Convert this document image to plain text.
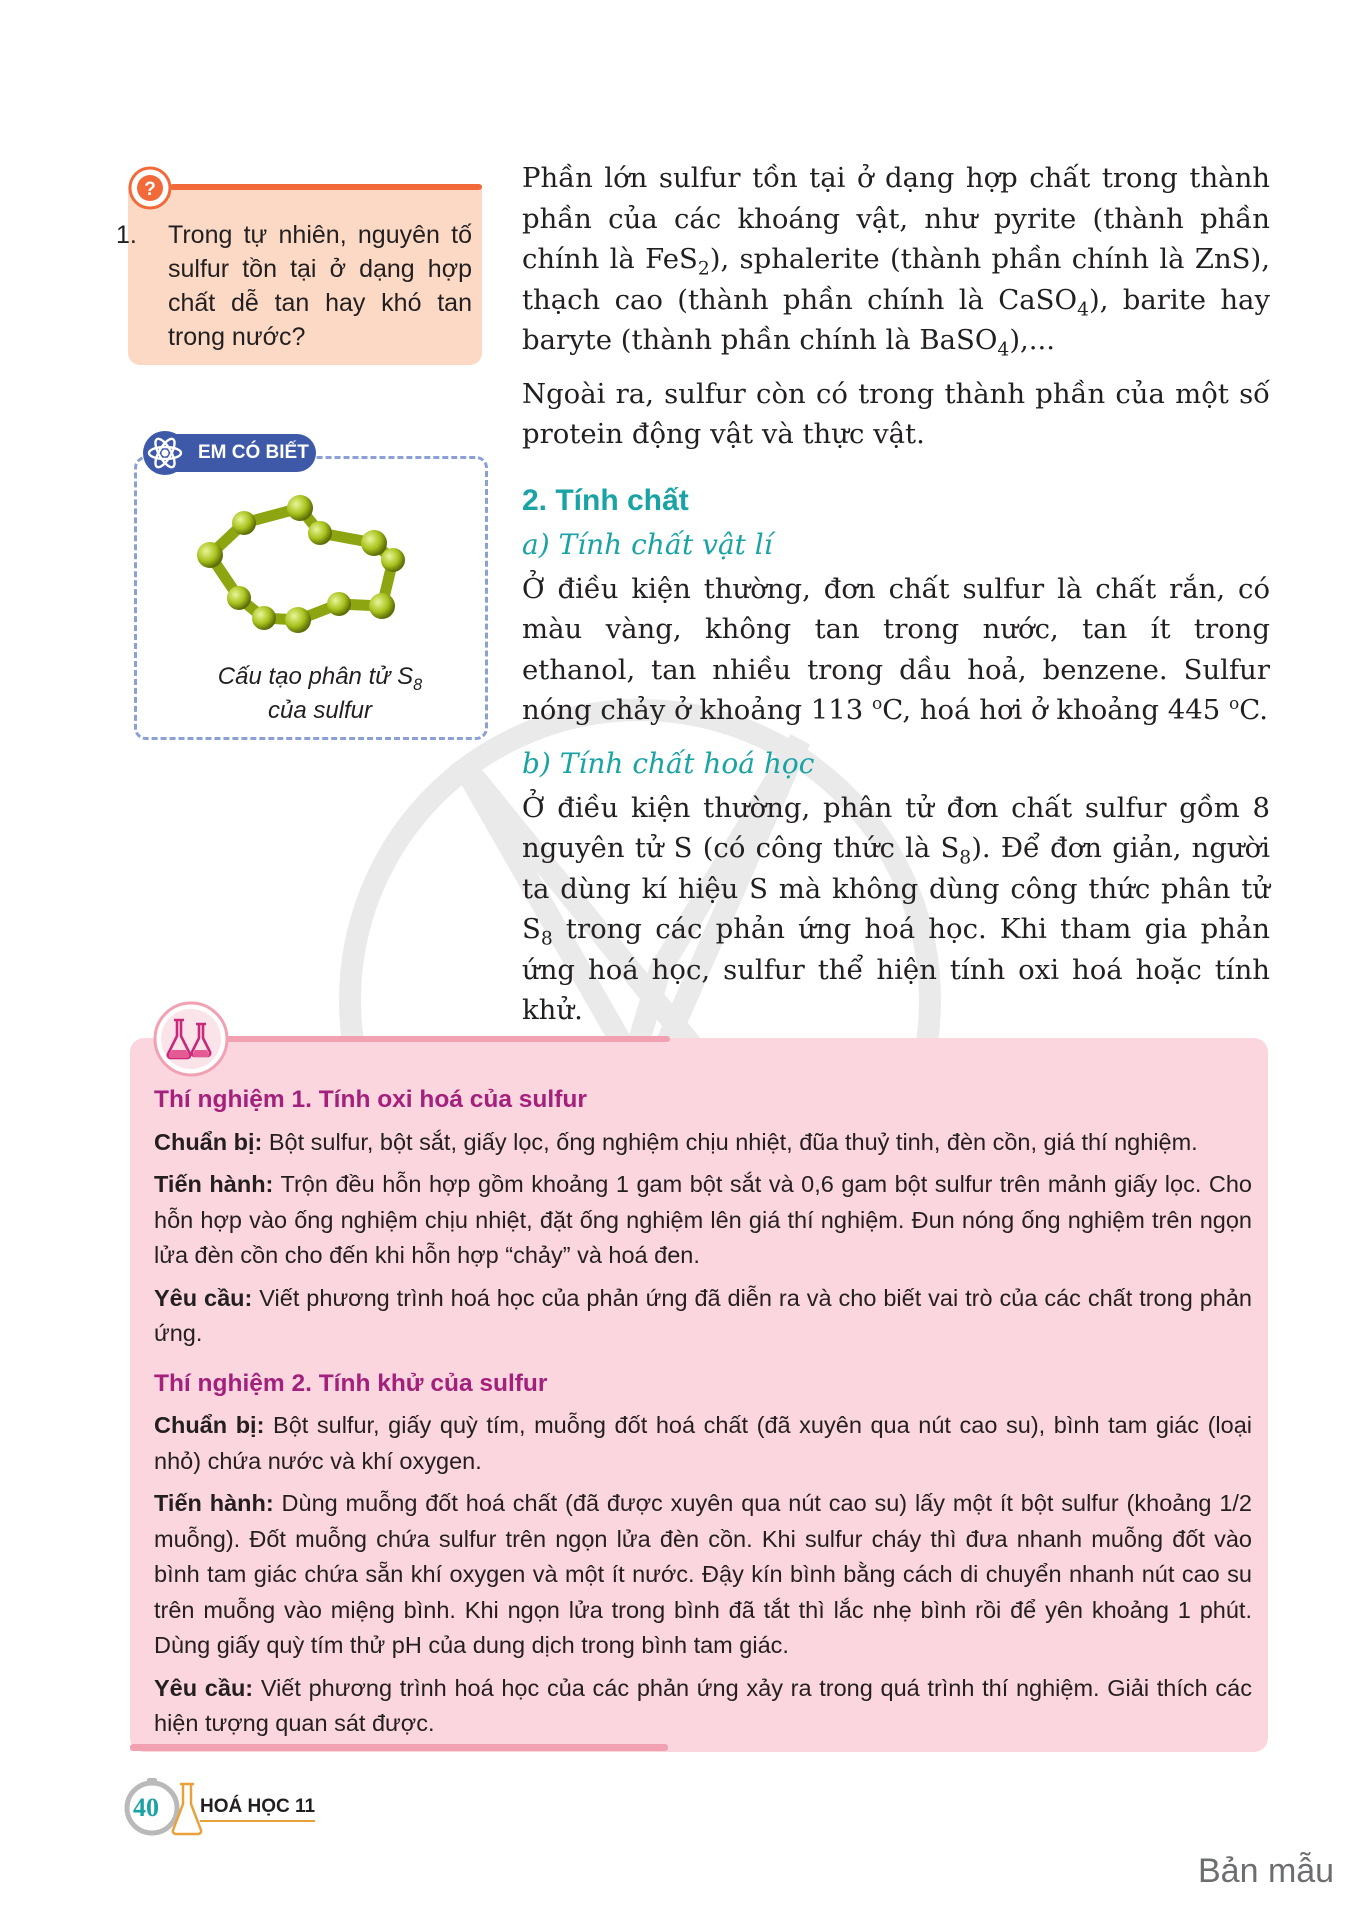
?
1. Trong tự nhiên, nguyên tố sulfur tồn tại ở dạng hợp chất dễ tan hay khó tan trong nước?
EM CÓ BIẾT
Cấu tạo phân tử $S_8$
của sulfur

Phần lớn sulfur tồn tại ở dạng hợp chất trong thành phần của các khoáng vật, như pyrite (thành phần chính là FeS$_2$), sphalerite (thành phần chính là ZnS), thạch cao (thành phần chính là CaSO$_4$), barite hay baryte (thành phần chính là BaSO$_4$),...

Ngoài ra, sulfur còn có trong thành phần của một số protein động vật và thực vật.

2. Tính chất
a) Tính chất vật lí

Ở điều kiện thường, đơn chất sulfur là chất rắn, có màu vàng, không tan trong nước, tan ít trong ethanol, tan nhiều trong dầu hoả, benzene. Sulfur nóng chảy ở khoảng 113 $^o$C, hoá hơi ở khoảng 445 $^o$C.

b) Tính chất hoá học

Ở điều kiện thường, phân tử đơn chất sulfur gồm 8 nguyên tử S (có công thức là $S_8$). Để đơn giản, người ta dùng kí hiệu S mà không dùng công thức phân tử $S_8$ trong các phản ứng hoá học. Khi tham gia phản ứng hoá học, sulfur thể hiện tính oxi hoá hoặc tính khử.

Thí nghiệm 1. Tính oxi hoá của sulfur

Chuẩn bị: Bột sulfur, bột sắt, giấy lọc, ống nghiệm chịu nhiệt, đũa thuỷ tinh, đèn cồn, giá thí nghiệm.

Tiến hành: Trộn đều hỗn hợp gồm khoảng 1 gam bột sắt và 0,6 gam bột sulfur trên mảnh giấy lọc. Cho hỗn hợp vào ống nghiệm chịu nhiệt, đặt ống nghiệm lên giá thí nghiệm. Đun nóng ống nghiệm trên ngọn lửa đèn cồn cho đến khi hỗn hợp “chảy” và hoá đen.

Yêu cầu: Viết phương trình hoá học của phản ứng đã diễn ra và cho biết vai trò của các chất trong phản ứng.

Thí nghiệm 2. Tính khử của sulfur

Chuẩn bị: Bột sulfur, giấy quỳ tím, muỗng đốt hoá chất (đã xuyên qua nút cao su), bình tam giác (loại nhỏ) chứa nước và khí oxygen.

Tiến hành: Dùng muỗng đốt hoá chất (đã được xuyên qua nút cao su) lấy một ít bột sulfur (khoảng 1/2 muỗng). Đốt muỗng chứa sulfur trên ngọn lửa đèn cồn. Khi sulfur cháy thì đưa nhanh muỗng đốt vào bình tam giác chứa sẵn khí oxygen và một ít nước. Đậy kín bình bằng cách di chuyển nhanh nút cao su trên muỗng vào miệng bình. Khi ngọn lửa trong bình đã tắt thì lắc nhẹ bình rồi để yên khoảng 1 phút. Dùng giấy quỳ tím thử pH của dung dịch trong bình tam giác.

Yêu cầu: Viết phương trình hoá học của các phản ứng xảy ra trong quá trình thí nghiệm. Giải thích các hiện tượng quan sát được.

40 HOÁ HỌC 11
Bản mẫu
